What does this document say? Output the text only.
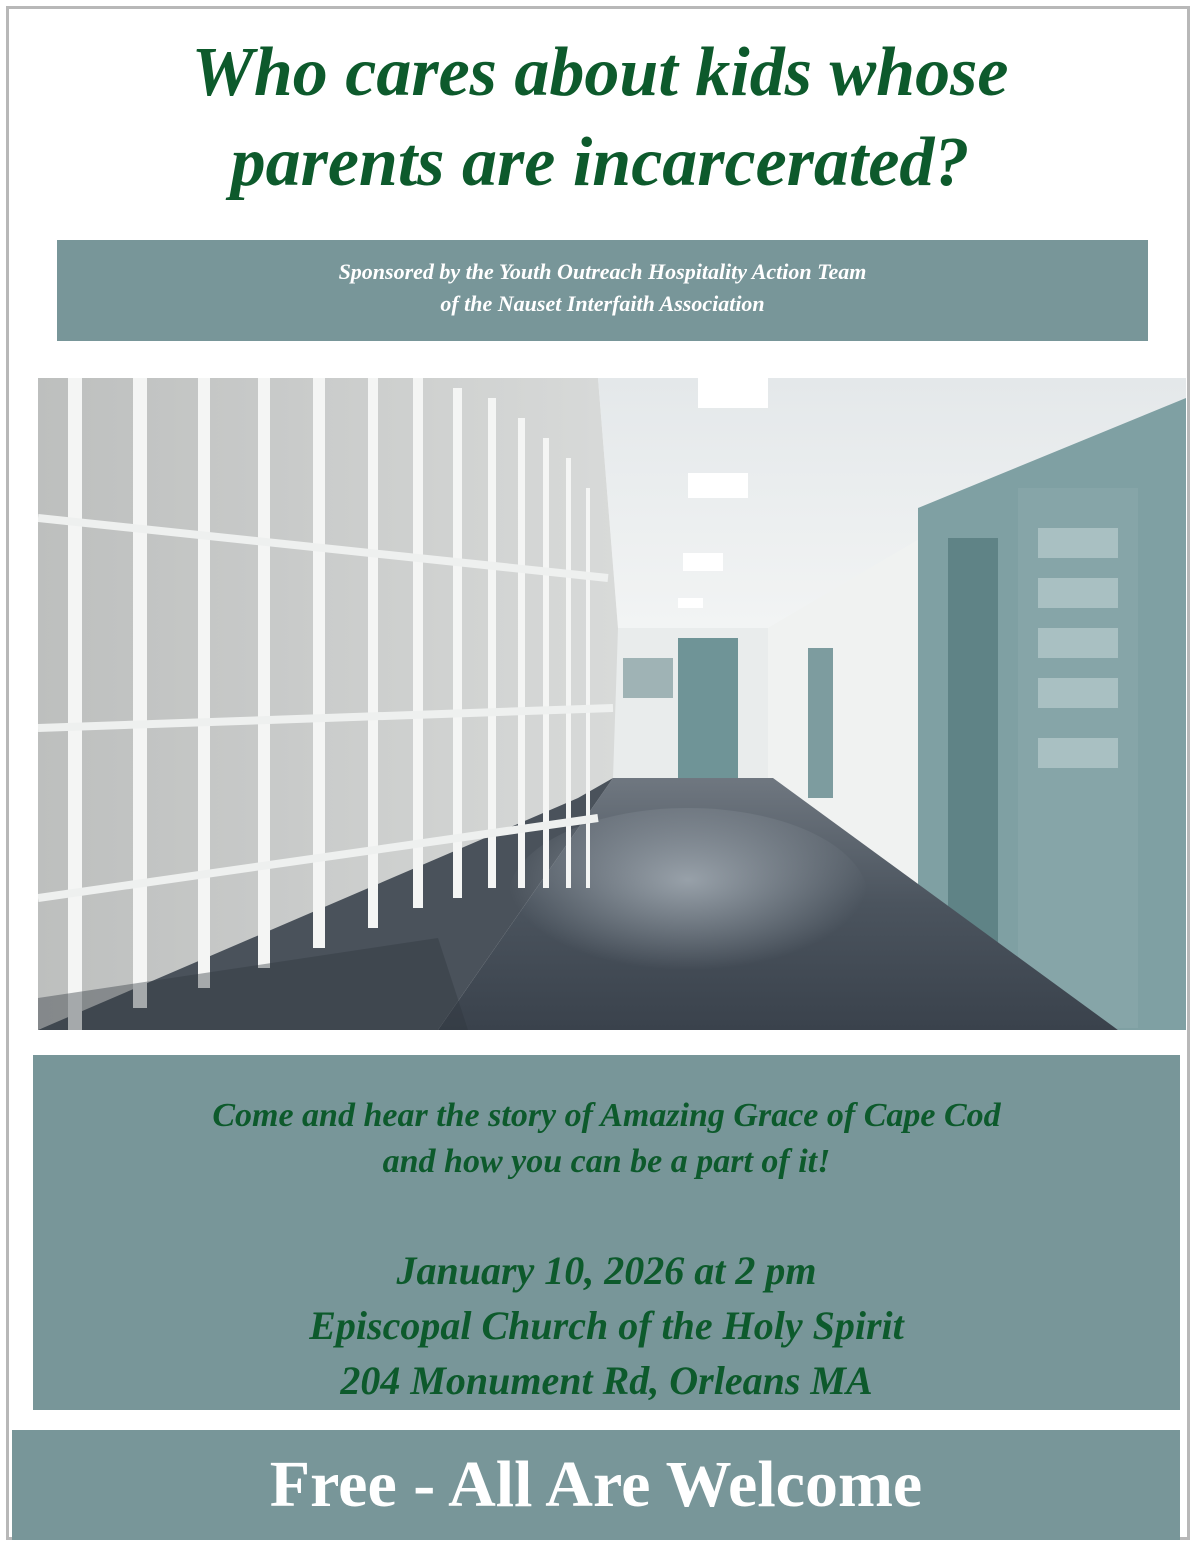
Who cares about kids whose
parents are incarcerated?
Sponsored by the Youth Outreach Hospitality Action Team
of the Nauset Interfaith Association
Come and hear the story of Amazing Grace of Cape Cod
and how you can be a part of it!
January 10, 2026 at 2 pm
Episcopal Church of the Holy Spirit
204 Monument Rd, Orleans MA
Free - All Are Welcome
